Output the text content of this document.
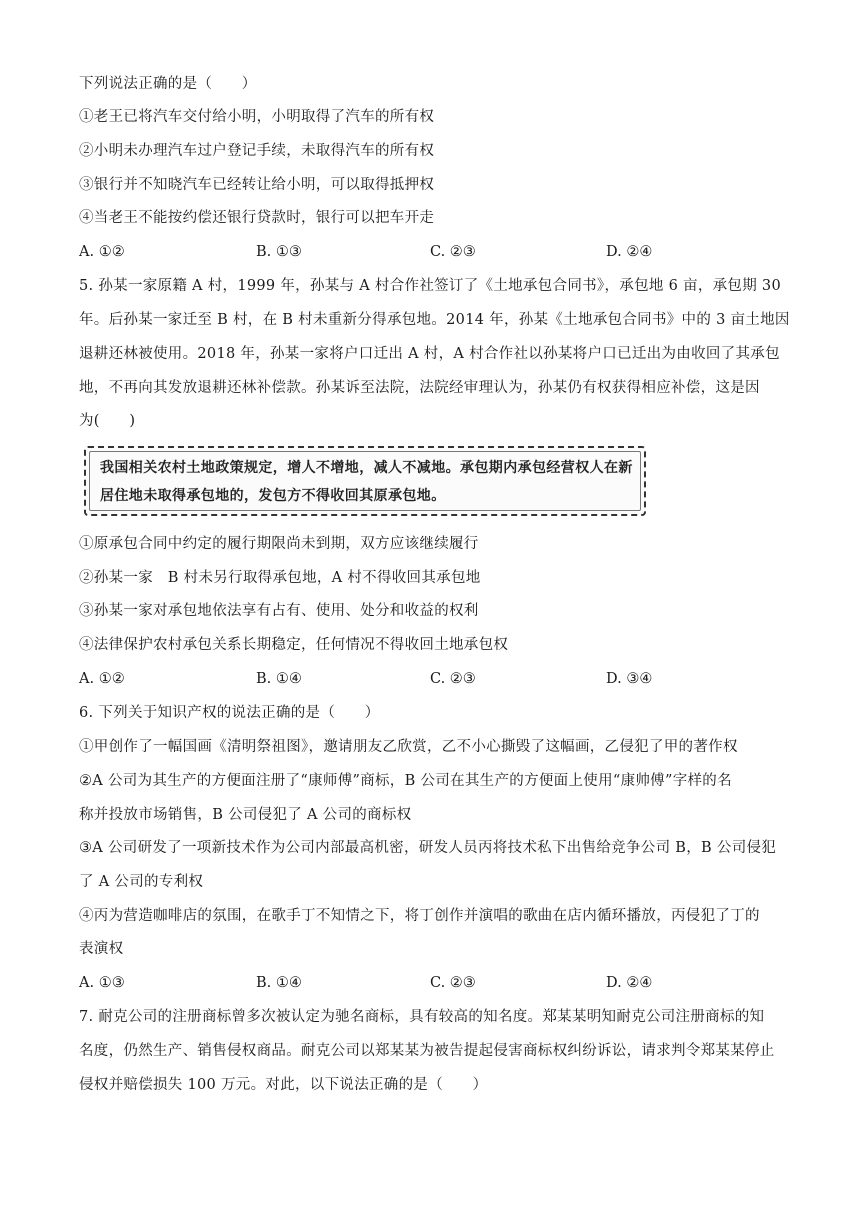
下列说法正确的是（　　）
①老王已将汽车交付给小明，小明取得了汽车的所有权
②小明未办理汽车过户登记手续，未取得汽车的所有权
③银行并不知晓汽车已经转让给小明，可以取得抵押权
④当老王不能按约偿还银行贷款时，银行可以把车开走
A. ①②	B. ①③	C. ②③	D. ②④
5. 孙某一家原籍 A 村，1999 年，孙某与 A 村合作社签订了《土地承包合同书》，承包地 6 亩，承包期 30
年。后孙某一家迁至 B 村，在 B 村未重新分得承包地。2014 年，孙某《土地承包合同书》中的 3 亩土地因
退耕还林被使用。2018 年，孙某一家将户口迁出 A 村，A 村合作社以孙某将户口已迁出为由收回了其承包
地，不再向其发放退耕还林补偿款。孙某诉至法院，法院经审理认为，孙某仍有权获得相应补偿，这是因
为(　　)
我国相关农村土地政策规定，增人不增地，减人不减地。承包期内承包经营权人在新
居住地未取得承包地的，发包方不得收回其原承包地。
①原承包合同中约定的履行期限尚未到期，双方应该继续履行
②孙某一家　B 村未另行取得承包地，A 村不得收回其承包地
③孙某一家对承包地依法享有占有、使用、处分和收益的权利
④法律保护农村承包关系长期稳定，任何情况不得收回土地承包权
A. ①②	B. ①④	C. ②③	D. ③④
6. 下列关于知识产权的说法正确的是（　　）
①甲创作了一幅国画《清明祭祖图》，邀请朋友乙欣赏，乙不小心撕毁了这幅画，乙侵犯了甲的著作权
②A 公司为其生产的方便面注册了“康师傅”商标，B 公司在其生产的方便面上使用“康帅傅”字样的名
称并投放市场销售，B 公司侵犯了 A 公司的商标权
③A 公司研发了一项新技术作为公司内部最高机密，研发人员丙将技术私下出售给竞争公司 B，B 公司侵犯
了 A 公司的专利权
④丙为营造咖啡店的氛围，在歌手丁不知情之下，将丁创作并演唱的歌曲在店内循环播放，丙侵犯了丁的
表演权
A. ①③	B. ①④	C. ②③	D. ②④
7. 耐克公司的注册商标曾多次被认定为驰名商标，具有较高的知名度。郑某某明知耐克公司注册商标的知
名度，仍然生产、销售侵权商品。耐克公司以郑某某为被告提起侵害商标权纠纷诉讼，请求判令郑某某停止
侵权并赔偿损失 100 万元。对此，以下说法正确的是（　　）
